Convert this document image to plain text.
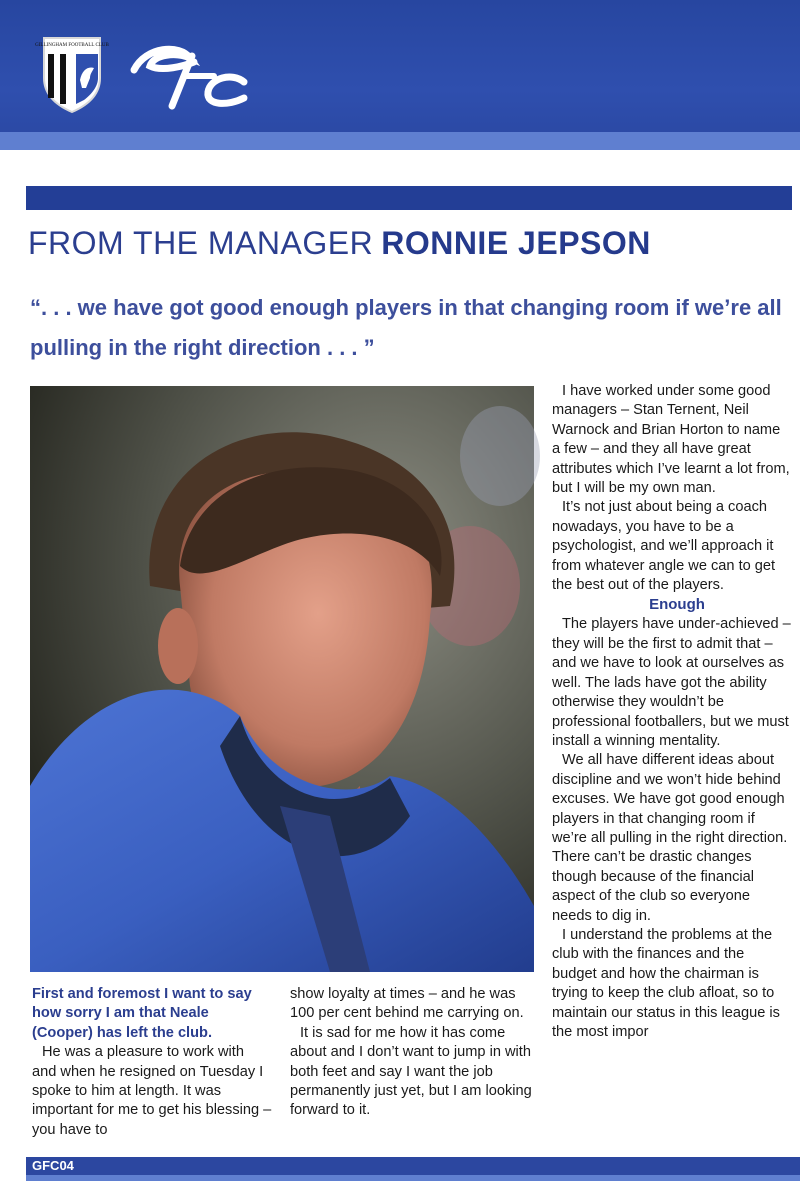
GILLINGHAM FOOTBALL CLUB
FROM THE MANAGER RONNIE JEPSON

“. . . we have got good enough players in that changing room if we’re all pulling in the right direction . . . ”

First and foremost I want to say how sorry I am that Neale (Cooper) has left the club.

He was a pleasure to work with and when he resigned on Tuesday I spoke to him at length. It was important for me to get his blessing – you have to

show loyalty at times – and he was 100 per cent behind me carrying on.

It is sad for me how it has come about and I don’t want to jump in with both feet and say I want the job permanently just yet, but I am looking forward to it.

I have worked under some good managers – Stan Ternent, Neil Warnock and Brian Horton to name a few – and they all have great attributes which I’ve learnt a lot from, but I will be my own man.

It’s not just about being a coach nowadays, you have to be a psychologist, and we’ll approach it from whatever angle we can to get the best out of the players.

Enough

The players have under-achieved – they will be the first to admit that – and we have to look at ourselves as well. The lads have got the ability otherwise they wouldn’t be professional footballers, but we must install a winning mentality.

We all have different ideas about discipline and we won’t hide behind excuses. We have got good enough players in that changing room if we’re all pulling in the right direction. There can’t be drastic changes though because of the financial aspect of the club so everyone needs to dig in.

I understand the problems at the club with the finances and the budget and how the chairman is trying to keep the club afloat, so to maintain our status in this league is the most impor

GFC04
